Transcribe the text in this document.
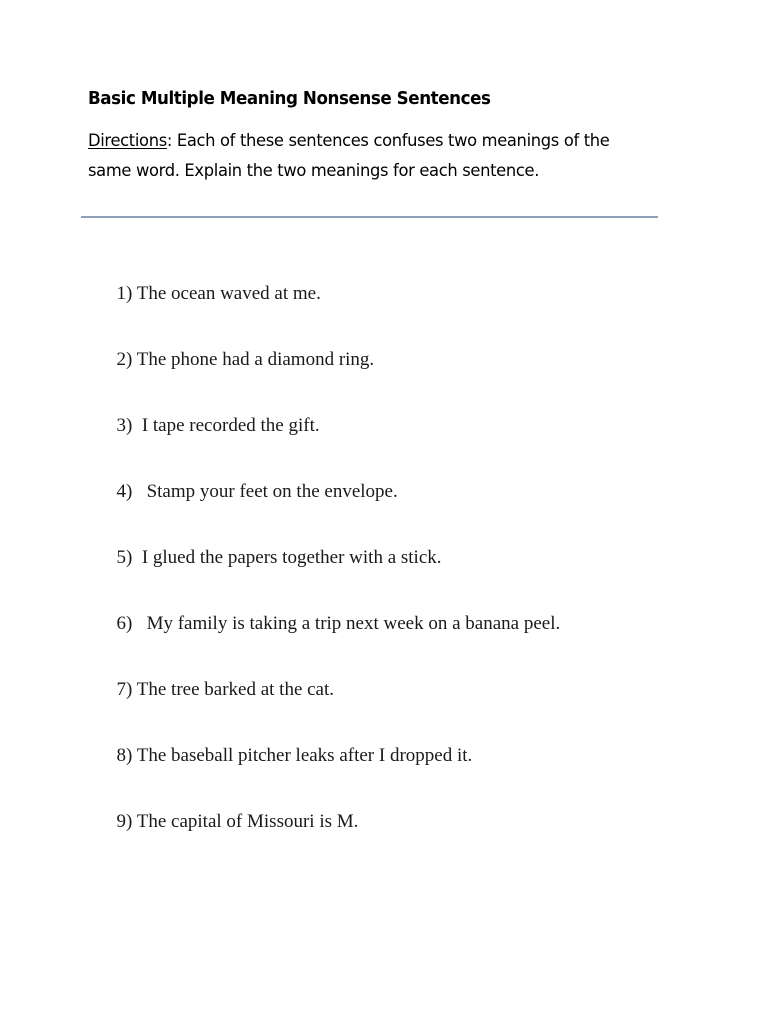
Basic Multiple Meaning Nonsense Sentences

Directions: Each of these sentences confuses two meanings of the same word. Explain the two meanings for each sentence.

1) The ocean waved at me.

2) The phone had a diamond ring.

3) I tape recorded the gift.

4) Stamp your feet on the envelope.

5) I glued the papers together with a stick.

6) My family is taking a trip next week on a banana peel.

7) The tree barked at the cat.

8) The baseball pitcher leaks after I dropped it.

9) The capital of Missouri is M.
